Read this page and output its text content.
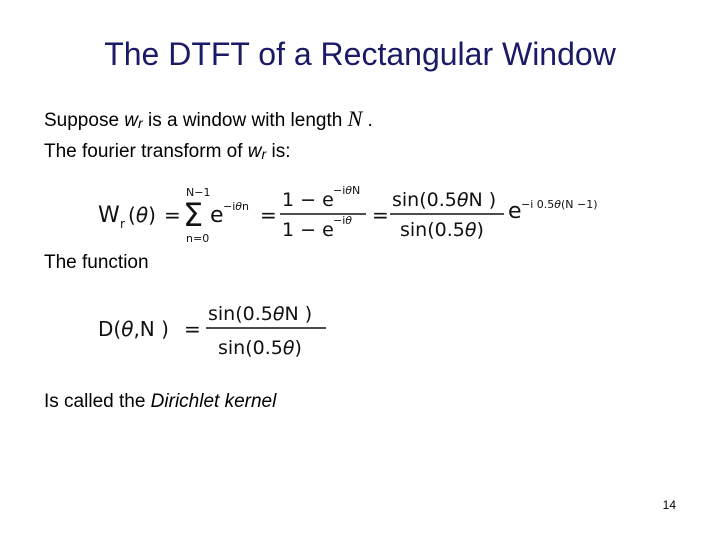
The DTFT of a Rectangular Window
Suppose wr is a window with length N .
The fourier transform of wr is:
W r (θ) =
N−1
Σ
n=0
e −iθn =
1 − e −iθN
1 − e −iθ =
sin(0.5θN )
sin(0.5θ)
e −i 0.5θ(N −1)
The function
D(θ,N ) =
sin(0.5θN )
sin(0.5θ)
Is called the Dirichlet kernel
14
